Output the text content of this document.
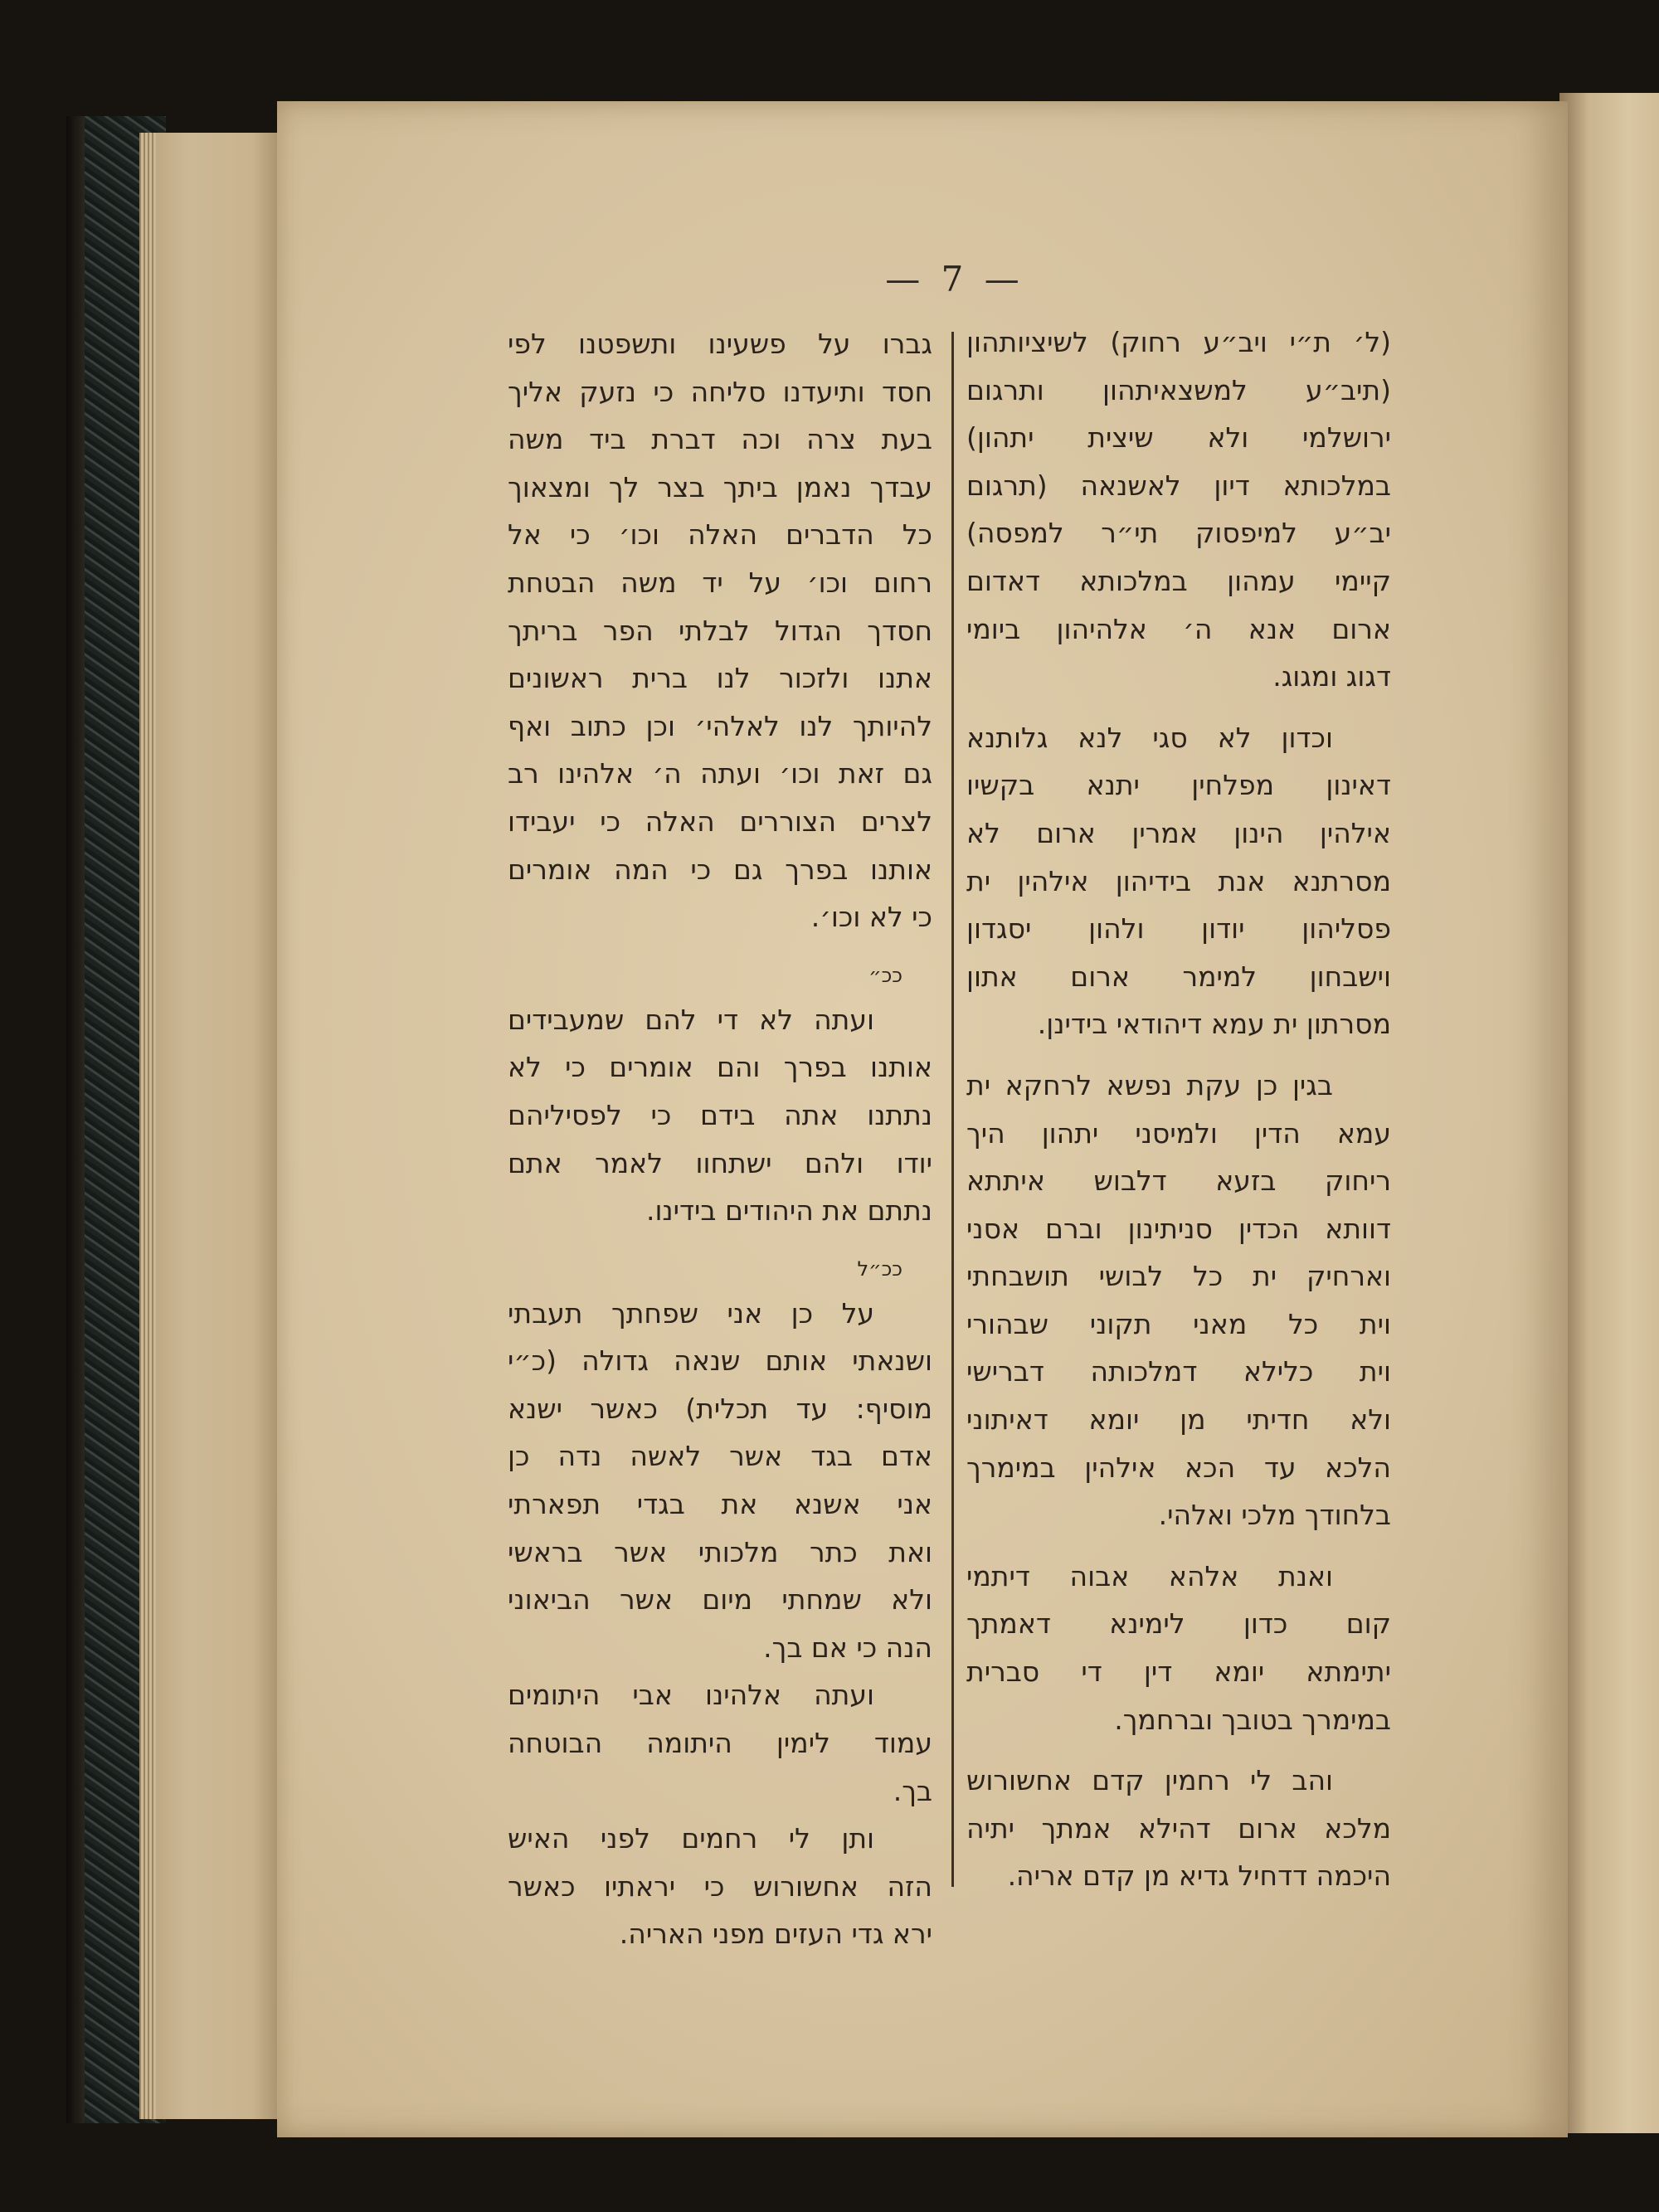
— 7 —
(ל׳ ת״י ויב״ע רחוק) לשיציותהון
(תיב״ע למשצאיתהון ותרגום
ירושלמי ולא שיצית יתהון)
במלכותא דיון לאשנאה (תרגום
יב״ע למיפסוק תי״ר למפסה)
קיימי עמהון במלכותא דאדום
ארום אנא ה׳ אלהיהון ביומי
דגוג ומגוג.
וכדון לא סגי לנא גלותנא
דאינון מפלחין יתנא בקשיו
אילהין הינון אמרין ארום לא
מסרתנא אנת בידיהון אילהין ית
פסליהון יודון ולהון יסגדון
וישבחון למימר ארום אתון
מסרתון ית עמא דיהודאי בידינן.
בגין כן עקת נפשא לרחקא ית
עמא הדין ולמיסני יתהון היך
ריחוק בזעא דלבוש איתתא
דוותא הכדין סניתינון וברם אסני
וארחיק ית כל לבושי תושבחתי
וית כל מאני תקוני שבהורי
וית כלילא דמלכותה דברישי
ולא חדיתי מן יומא דאיתוני
הלכא עד הכא אילהין במימרך
בלחודך מלכי ואלהי.
ואנת אלהא אבוה דיתמי
קום כדון לימינא דאמתך
יתימתא יומא דין די סברית
במימרך בטובך וברחמך.
והב לי רחמין קדם אחשורוש
מלכא ארום דהילא אמתך יתיה
היכמה דדחיל גדיא מן קדם אריה.
גברו על פשעינו ותשפטנו לפי
חסד ותיעדנו סליחה כי נזעק אליך
בעת צרה וכה דברת ביד משה
עבדך נאמן ביתך בצר לך ומצאוך
כל הדברים האלה וכו׳ כי אל
רחום וכו׳ על יד משה הבטחת
חסדך הגדול לבלתי הפר בריתך
אתנו ולזכור לנו ברית ראשונים
להיותך לנו לאלהי׳ וכן כתוב ואף
גם זאת וכו׳ ועתה ה׳ אלהינו רב
לצרים הצוררים האלה כי יעבידו
אותנו בפרך גם כי המה אומרים
כי לא וכו׳.
ככ״
ועתה לא די להם שמעבידים
אותנו בפרך והם אומרים כי לא
נתתנו אתה בידם כי לפסיליהם
יודו ולהם ישתחוו לאמר אתם
נתתם את היהודים בידינו.
ככ״ל
על כן אני שפחתך תעבתי
ושנאתי אותם שנאה גדולה (כ״י
מוסיף: עד תכלית) כאשר ישנא
אדם בגד אשר לאשה נדה כן
אני אשנא את בגדי תפארתי
ואת כתר מלכותי אשר בראשי
ולא שמחתי מיום אשר הביאוני
הנה כי אם בך.
ועתה אלהינו אבי היתומים
עמוד לימין היתומה הבוטחה
בך.
ותן לי רחמים לפני האיש
הזה אחשורוש כי יראתיו כאשר
ירא גדי העזים מפני האריה.
